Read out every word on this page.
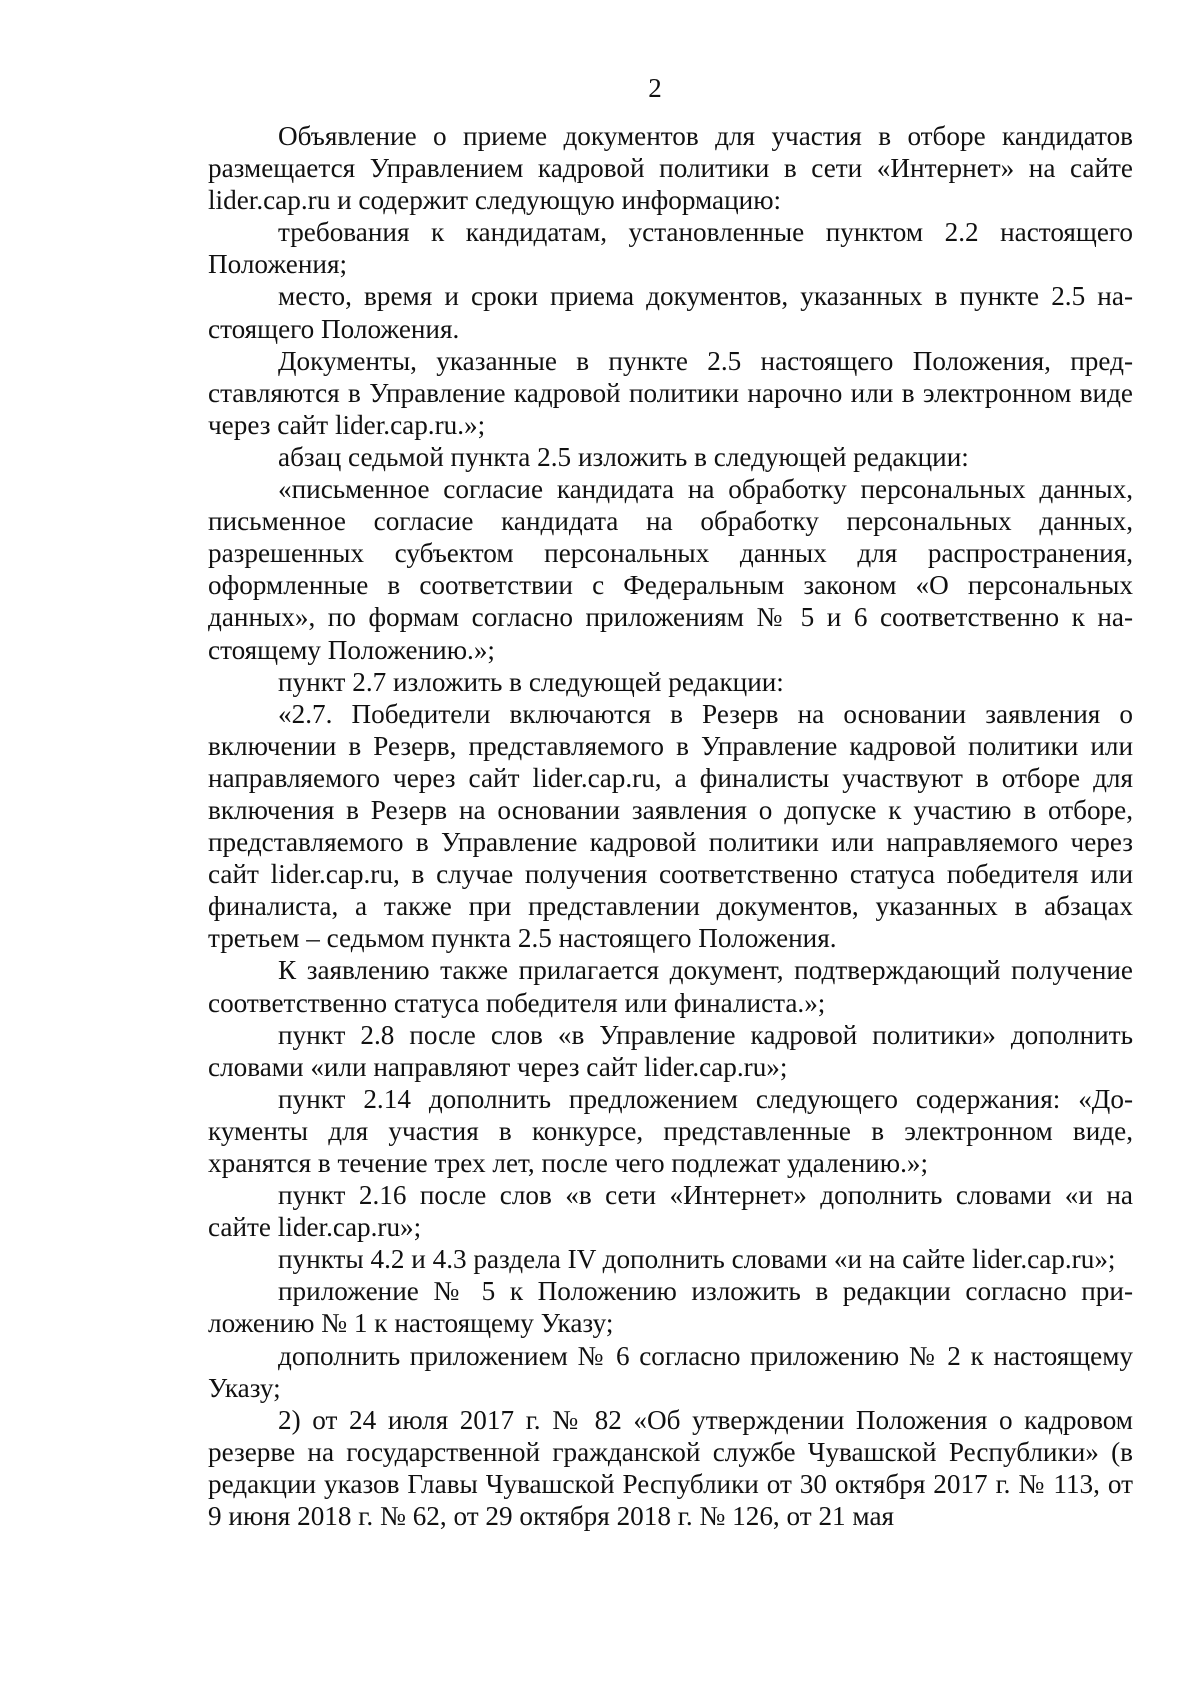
2

Объявление о приеме документов для участия в отборе кандидатов размещается Управлением кадровой политики в сети «Интернет» на сайте lider.cap.ru и содержит следующую информацию:

требования к кандидатам, установленные пунктом 2.2 настоящего Положения;

место, время и сроки приема документов, указанных в пункте 2.5 настоящего Положения.

Документы, указанные в пункте 2.5 настоящего Положения, представляются в Управление кадровой политики нарочно или в электронном виде через сайт lider.cap.ru.»;

абзац седьмой пункта 2.5 изложить в следующей редакции:

«письменное согласие кандидата на обработку персональных данных, письменное согласие кандидата на обработку персональных данных, разрешенных субъектом персональных данных для распространения, оформленные в соответствии с Федеральным законом «О персональных данных», по формам согласно приложениям № 5 и 6 соответственно к настоящему Положению.»;

пункт 2.7 изложить в следующей редакции:

«2.7. Победители включаются в Резерв на основании заявления о включении в Резерв, представляемого в Управление кадровой политики или направляемого через сайт lider.cap.ru, а финалисты участвуют в отборе для включения в Резерв на основании заявления о допуске к участию в отборе, представляемого в Управление кадровой политики или направляемого через сайт lider.cap.ru, в случае получения соответственно статуса победителя или финалиста, а также при представлении документов, указанных в абзацах третьем – седьмом пункта 2.5 настоящего Положения.

К заявлению также прилагается документ, подтверждающий получение соответственно статуса победителя или финалиста.»;

пункт 2.8 после слов «в Управление кадровой политики» дополнить словами «или направляют через сайт lider.cap.ru»;

пункт 2.14 дополнить предложением следующего содержания: «Документы для участия в конкурсе, представленные в электронном виде, хранятся в течение трех лет, после чего подлежат удалению.»;

пункт 2.16 после слов «в сети «Интернет» дополнить словами «и на сайте lider.cap.ru»;

пункты 4.2 и 4.3 раздела IV дополнить словами «и на сайте lider.cap.ru»;

приложение № 5 к Положению изложить в редакции согласно приложению № 1 к настоящему Указу;

дополнить приложением № 6 согласно приложению № 2 к настоящему Указу;

2) от 24 июля 2017 г. № 82 «Об утверждении Положения о кадровом резерве на государственной гражданской службе Чувашской Республики» (в редакции указов Главы Чувашской Республики от 30 октября 2017 г. № 113, от 9 июня 2018 г. № 62, от 29 октября 2018 г. № 126, от 21 мая
